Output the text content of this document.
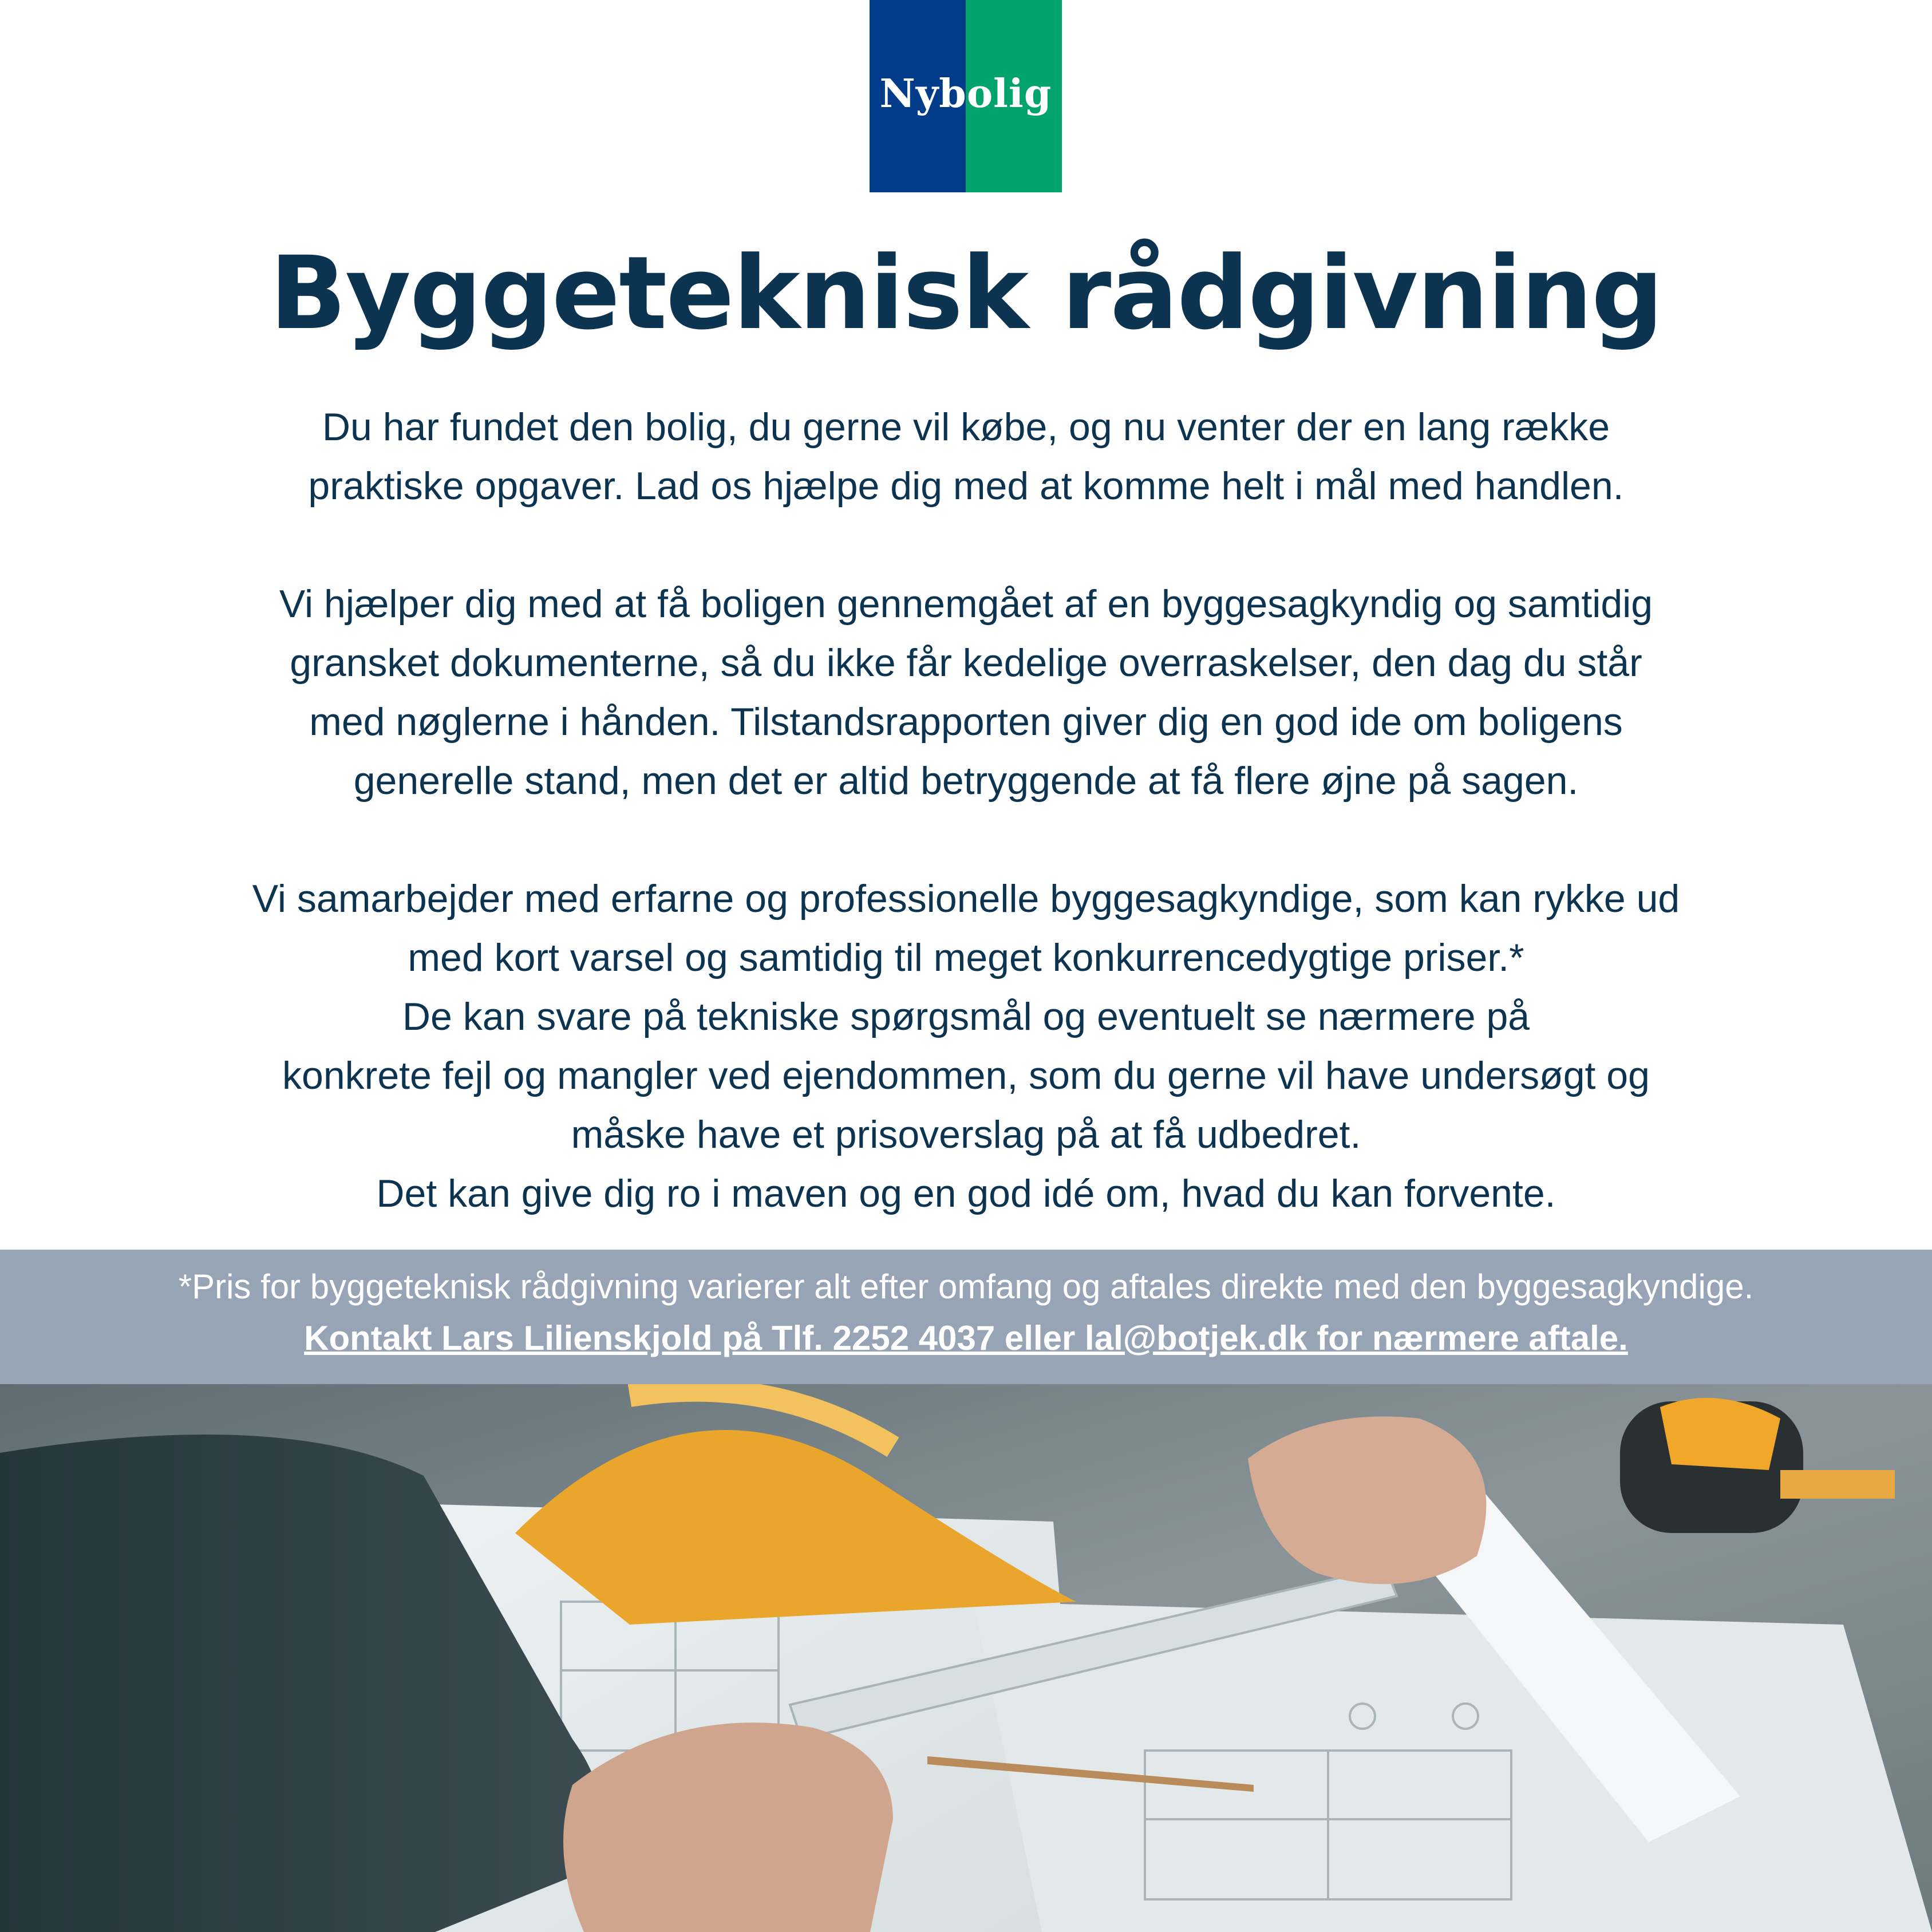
Nybolig
Byggeteknisk rådgivning

Du har fundet den bolig, du gerne vil købe, og nu venter der en lang række
praktiske opgaver. Lad os hjælpe dig med at komme helt i mål med handlen.

Vi hjælper dig med at få boligen gennemgået af en byggesagkyndig og samtidig
gransket dokumenterne, så du ikke får kedelige overraskelser, den dag du står
med nøglerne i hånden. Tilstandsrapporten giver dig en god ide om boligens
generelle stand, men det er altid betryggende at få flere øjne på sagen.

Vi samarbejder med erfarne og professionelle byggesagkyndige, som kan rykke ud
med kort varsel og samtidig til meget konkurrencedygtige priser.*
De kan svare på tekniske spørgsmål og eventuelt se nærmere på
konkrete fejl og mangler ved ejendommen, som du gerne vil have undersøgt og
måske have et prisoverslag på at få udbedret.
Det kan give dig ro i maven og en god idé om, hvad du kan forvente.

*Pris for byggeteknisk rådgivning varierer alt efter omfang og aftales direkte med den byggesagkyndige.
Kontakt Lars Lilienskjold på Tlf. 2252 4037 eller lal@botjek.dk for nærmere aftale.
